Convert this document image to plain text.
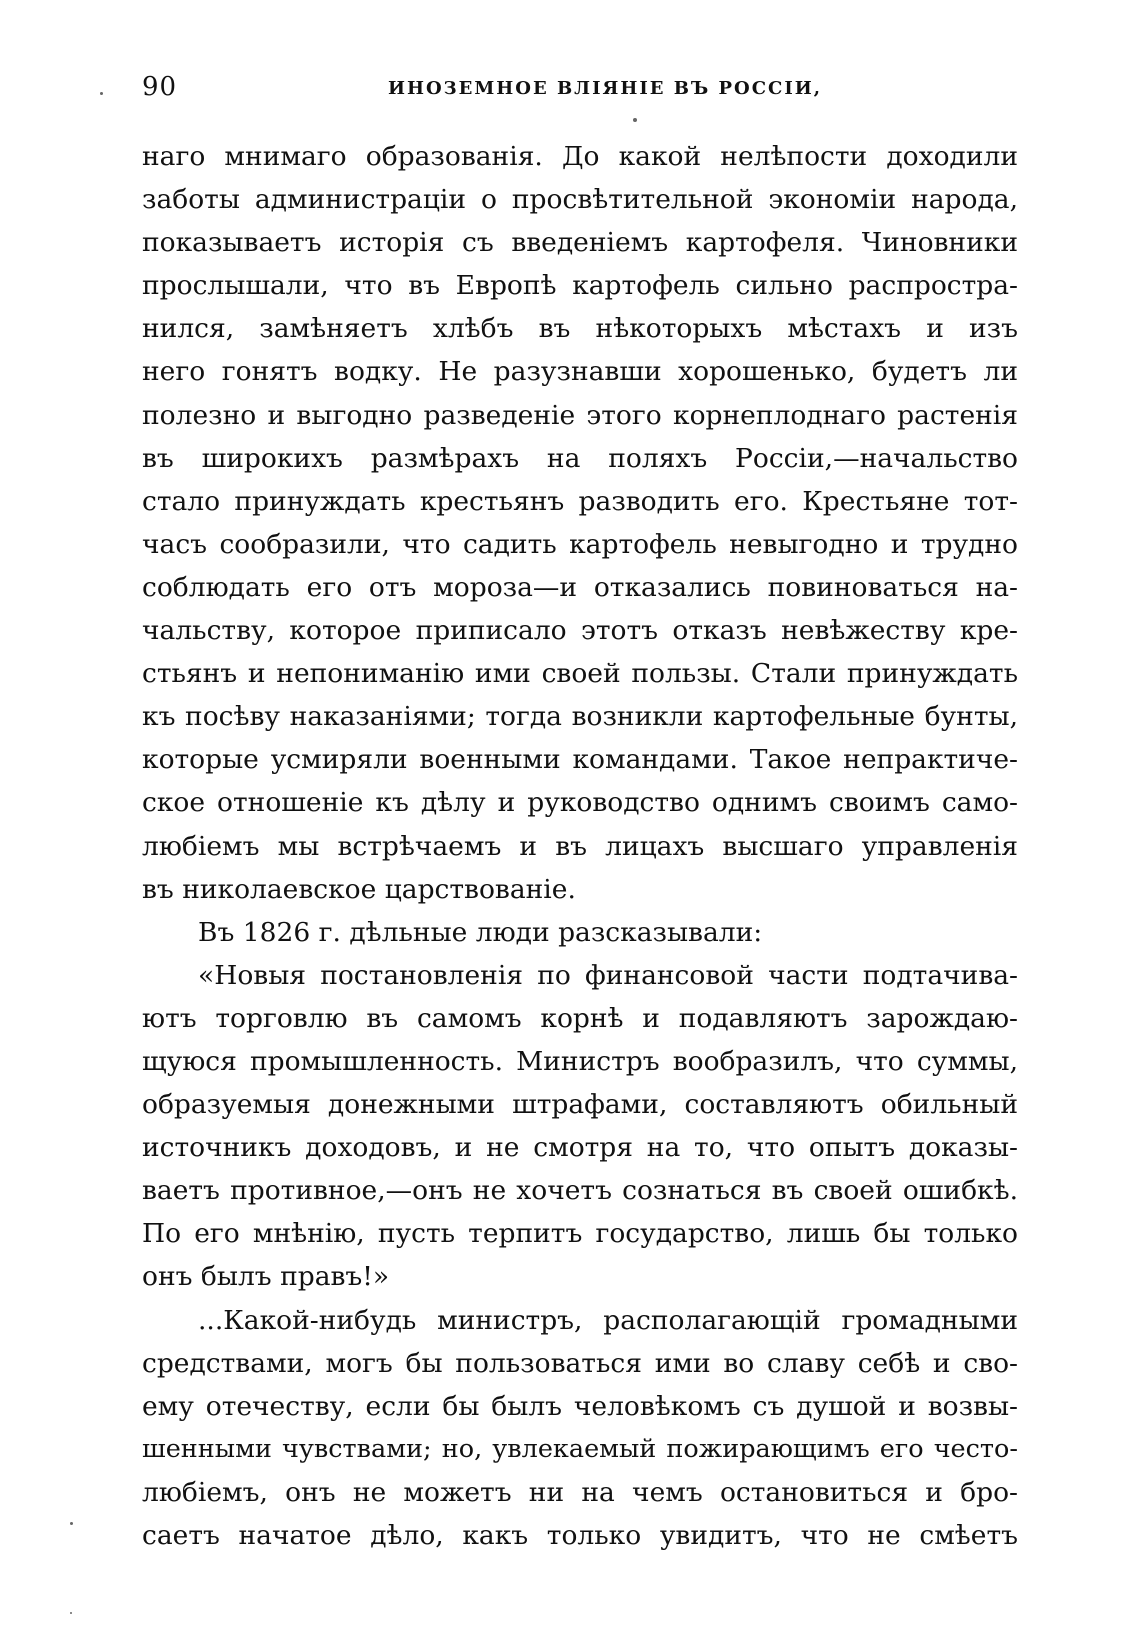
90	ИНОЗЕМНОЕ ВЛІЯНІЕ ВЪ РОССІИ,
наго мнимаго образованія. До какой нелѣпости доходили
заботы администраціи о просвѣтительной экономіи народа,
показываетъ исторія съ введеніемъ картофеля. Чиновники
прослышали, что въ Европѣ картофель сильно распростра-
нился, замѣняетъ хлѣбъ въ нѣкоторыхъ мѣстахъ и изъ
него гонятъ водку. Не разузнавши хорошенько, будетъ ли
полезно и выгодно разведеніе этого корнеплоднаго растенія
въ широкихъ размѣрахъ на поляхъ Россіи,—начальство
стало принуждать крестьянъ разводить его. Крестьяне тот-
часъ сообразили, что садить картофель невыгодно и трудно
соблюдать его отъ мороза—и отказались повиноваться на-
чальству, которое приписало этотъ отказъ невѣжеству кре-
стьянъ и непониманію ими своей пользы. Стали принуждать
къ посѣву наказаніями; тогда возникли картофельные бунты,
которые усмиряли военными командами. Такое непрактиче-
ское отношеніе къ дѣлу и руководство однимъ своимъ само-
любіемъ мы встрѣчаемъ и въ лицахъ высшаго управленія
въ николаевское царствованіе.
Въ 1826 г. дѣльные люди разсказывали:
«Новыя постановленія по финансовой части подтачива-
ютъ торговлю въ самомъ корнѣ и подавляютъ зарождаю-
щуюся промышленность. Министръ вообразилъ, что суммы,
образуемыя донежными штрафами, составляютъ обильный
источникъ доходовъ, и не смотря на то, что опытъ доказы-
ваетъ противное,—онъ не хочетъ сознаться въ своей ошибкѣ.
По его мнѣнію, пусть терпитъ государство, лишь бы только
онъ былъ правъ!»
...Какой-нибудь министръ, располагающій громадными
средствами, могъ бы пользоваться ими во славу себѣ и сво-
ему отечеству, если бы былъ человѣкомъ съ душой и возвы-
шенными чувствами; но, увлекаемый пожирающимъ его често-
любіемъ, онъ не можетъ ни на чемъ остановиться и бро-
саетъ начатое дѣло, какъ только увидитъ, что не смѣетъ
